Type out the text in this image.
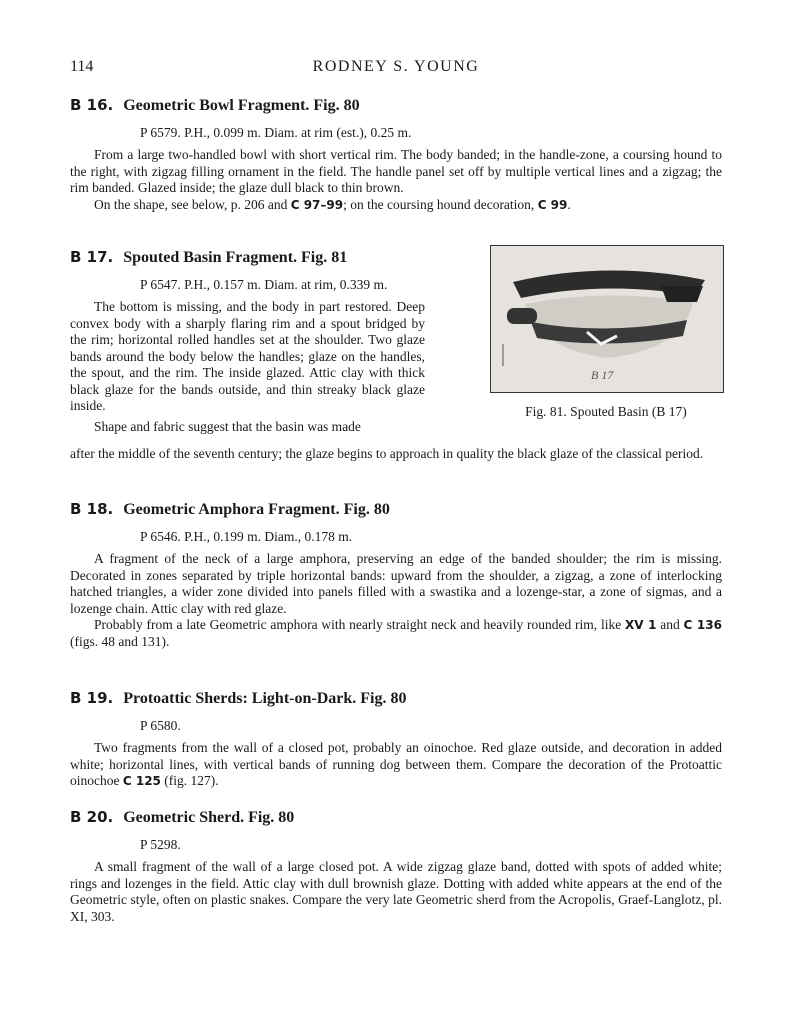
114	RODNEY S. YOUNG
B 16. Geometric Bowl Fragment. Fig. 80
P 6579. P.H., 0.099 m. Diam. at rim (est.), 0.25 m.

From a large two-handled bowl with short vertical rim. The body banded; in the handle-zone, a coursing hound to the right, with zigzag filling ornament in the field. The handle panel set off by multiple vertical lines and a zigzag; the rim banded. Glazed inside; the glaze dull black to thin brown.

On the shape, see below, p. 206 and C 97–99; on the coursing hound decoration, C 99.

B 17. Spouted Basin Fragment. Fig. 81
P 6547. P.H., 0.157 m. Diam. at rim, 0.339 m.

The bottom is missing, and the body in part restored. Deep convex body with a sharply flaring rim and a spout bridged by the rim; horizontal rolled handles set at the shoulder. Two glaze bands around the body below the handles; glaze on the handles, the spout, and the rim. The inside glazed. Attic clay with thick black glaze for the bands outside, and thin streaky black glaze inside.

Shape and fabric suggest that the basin was made

after the middle of the seventh century; the glaze begins to approach in quality the black glaze of the classical period.

B 17
Fig. 81. Spouted Basin (B 17)
B 18. Geometric Amphora Fragment. Fig. 80
P 6546. P.H., 0.199 m. Diam., 0.178 m.

A fragment of the neck of a large amphora, preserving an edge of the banded shoulder; the rim is missing. Decorated in zones separated by triple horizontal bands: upward from the shoulder, a zigzag, a zone of interlocking hatched triangles, a wider zone divided into panels filled with a swastika and a lozenge-star, a zone of sigmas, and a lozenge chain. Attic clay with red glaze.

Probably from a late Geometric amphora with nearly straight neck and heavily rounded rim, like XV 1 and C 136 (figs. 48 and 131).

B 19. Protoattic Sherds: Light-on-Dark. Fig. 80
P 6580.

Two fragments from the wall of a closed pot, probably an oinochoe. Red glaze outside, and decoration in added white; horizontal lines, with vertical bands of running dog between them. Compare the decoration of the Protoattic oinochoe C 125 (fig. 127).

B 20. Geometric Sherd. Fig. 80
P 5298.

A small fragment of the wall of a large closed pot. A wide zigzag glaze band, dotted with spots of added white; rings and lozenges in the field. Attic clay with dull brownish glaze. Dotting with added white appears at the end of the Geometric style, often on plastic snakes. Compare the very late Geometric sherd from the Acropolis, Graef-Langlotz, pl. XI, 303.
